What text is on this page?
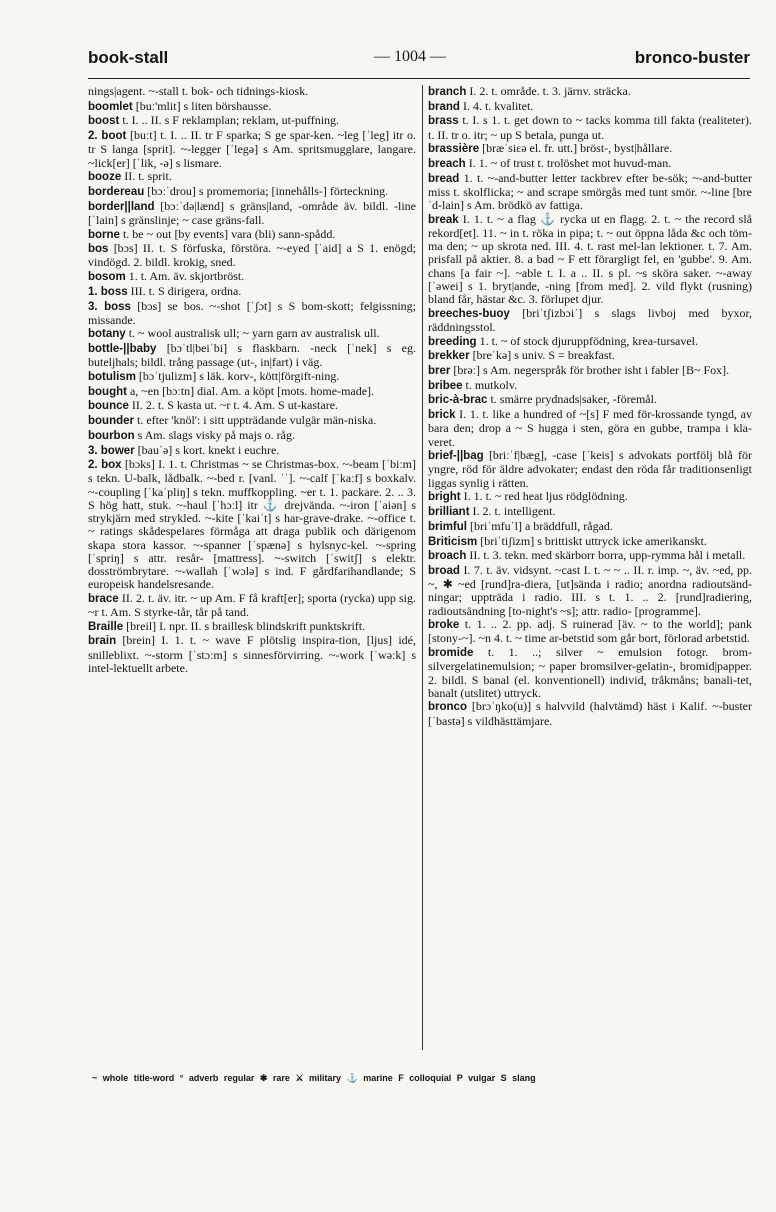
book-stall	— 1004 —	bronco-buster
nings|agent. ~-stall t. bok- och tidnings-kiosk.
boomlet [buː'mlit] s liten börshausse.
boost t. I. .. II. s F reklamplan; reklam, ut-puffning.
2. boot [buːt] t. I. .. II. tr F sparka; S ge spar-ken. ~leg [ˈleg] itr o. tr S langa [sprit]. ~-legger [ˈlegə] s Am. spritsmugglare, langare. ~lick[er] [ˈlik, -ə] s lismare.
booze II. t. sprit.
bordereau [bɔːˈdrou] s promemoria; [innehålls-] förteckning.
border||land [bɔːˈdə|lænd] s gräns|land, -område äv. bildl. -line [ˈlain] s gränslinje; ~ case gräns-fall.
borne t. be ~ out [by events] vara (bli) sann-spådd.
bos [bɔs] II. t. S förfuska, förstöra. ~-eyed [ˈaid] a S 1. enögd; vindögd. 2. bildl. krokig, sned.
bosom 1. t. Am. äv. skjortbröst.
1. boss III. t. S dirigera, ordna.
3. boss [bɔs] se bos. ~-shot [ˈʃɔt] s S bom-skott; felgissning; missande.
botany t. ~ wool australisk ull; ~ yarn garn av australisk ull.
bottle-||baby [bɔˈtl|beiˈbi] s flaskbarn. -neck [ˈnek] s eg. buteljhals; bildl. trång passage (ut-, in|fart) i väg.
botulism [bɔˈtjulizm] s läk. korv-, kött|förgift-ning.
bought a, ~en [bɔːtn] dial. Am. a köpt [mots. home-made].
bounce II. 2. t. S kasta ut. ~r t. 4. Am. S ut-kastare.
bounder t. efter 'knöl': i sitt uppträdande vulgär män-niska.
bourbon s Am. slags visky på majs o. råg.
3. bower [bauˈə] s kort. knekt i euchre.
2. box [bɔks] I. 1. t. Christmas ~ se Christmas-box. ~-beam [ˈbiːm] s tekn. U-balk, lådbalk. ~-bed r. [vanl. ˈˈ]. ~-calf [ˈkaːf] s boxkalv. ~-coupling [ˈkaˈpliŋ] s tekn. muffkoppling. ~er t. 1. packare. 2. .. 3. S hög hatt, stuk. ~-haul [ˈhɔːl] itr ⚓ drejvända. ~-iron [ˈaiən] s strykjärn med strykled. ~-kite [ˈkaiˈt] s har-grave-drake. ~-office t. ~ ratings skådespelares förmåga att draga publik och därigenom skapa stora kassor. ~-spanner [ˈspænə] s hylsnyc-kel. ~-spring [ˈspriŋ] s attr. resår- [mattress]. ~-switch [ˈswitʃ] s elektr. dosströmbrytare. ~-wallah [ˈwɔlə] s ind. F gårdfarihandlande; S europeisk handelsresande.
brace II. 2. t. äv. itr. ~ up Am. F få kraft[er]; sporta (rycka) upp sig. ~r t. Am. S styrke-tår, tår på tand.
Braille [breil] I. npr. II. s braillesk blindskrift punktskrift.
brain [brein] I. 1. t. ~ wave F plötslig inspira-tion, [ljus] idé, snilleblixt. ~-storm [ˈstɔːm] s sinnesförvirring. ~-work [ˈwəːk] s intel-lektuellt arbete.
branch I. 2. t. område. t. 3. järnv. sträcka.
brand I. 4. t. kvalitet.
brass t. I. s 1. t. get down to ~ tacks komma till fakta (realiteter). t. II. tr o. itr; ~ up S betala, punga ut.
brassière [bræˈsiɛə el. fr. utt.] bröst-, byst|hållare.
breach I. 1. ~ of trust t. trolöshet mot huvud-man.
bread 1. t. ~-and-butter letter tackbrev efter be-sök; ~-and-butter miss t. skolflicka; ~ and scrape smörgås med tunt smör. ~-line [breˈd-lain] s Am. brödkö av fattiga.
break I. 1. t. ~ a flag ⚓ rycka ut en flagg. 2. t. ~ the record slå rekord[et]. 11. ~ in t. röka in pipa; t. ~ out öppna låda &c och töm-ma den; ~ up skrota ned. III. 4. t. rast mel-lan lektioner. t. 7. Am. prisfall på aktier. 8. a bad ~ F ett förargligt fel, en 'gubbe'. 9. Am. chans [a fair ~]. ~able t. I. a .. II. s pl. ~s sköra saker. ~-away [ˈəwei] s 1. bryt|ande, -ning [from med]. 2. vild flykt (rusning) bland får, hästar &c. 3. förlupet djur.
breeches-buoy [briˈtʃizbɔiˈ] s slags livboj med byxor, räddningsstol.
breeding 1. t. ~ of stock djuruppfödning, krea-tursavel.
brekker [breˈkə] s univ. S = breakfast.
brer [brəː] s Am. negerspråk för brother isht i fabler [B~ Fox].
bribee t. mutkolv.
bric-à-brac t. smärre prydnads|saker, -föremål.
brick I. 1. t. like a hundred of ~[s] F med för-krossande tyngd, av bara den; drop a ~ S hugga i sten, göra en gubbe, trampa i kla-veret.
brief-||bag [briːˈf|bæg], -case [ˈkeis] s advokats portfölj blå för yngre, röd för äldre advokater; endast den röda får traditionsenligt liggas synlig i rätten.
bright I. 1. t. ~ red heat ljus rödglödning.
brilliant I. 2. t. intelligent.
brimful [briˈmfuˈl] a bräddfull, rågad.
Briticism [briˈtiʃizm] s brittiskt uttryck icke amerikanskt.
broach II. t. 3. tekn. med skärborr borra, upp-rymma hål i metall.
broad I. 7. t. äv. vidsynt. ~cast I. t. ~ ~ .. II. r. imp. ~, äv. ~ed, pp. ~, ✱ ~ed [rund]ra-diera, [ut]sända i radio; anordna radioutsänd-ningar; uppträda i radio. III. s t. 1. .. 2. [rund]radiering, radioutsändning [to-night's ~s]; attr. radio- [programme].
broke t. 1. .. 2. pp. adj. S ruinerad [äv. ~ to the world]; pank [stony-~]. ~n 4. t. ~ time ar-betstid som går bort, förlorad arbetstid.
bromide t. 1. ..; silver ~ emulsion fotogr. brom-silvergelatinemulsion; ~ paper bromsilver-gelatin-, bromid|papper. 2. bildl. S banal (el. konventionell) individ, tråkmåns; banali-tet, banalt (utslitet) uttryck.
bronco [brɔˈŋko(u)] s halvvild (halvtämd) häst i Kalif. ~-buster [ˈbastə] s vildhästtämjare.
~ whole title-word ° adverb regular ✱ rare ⚔ military ⚓ marine F colloquial P vulgar S slang
